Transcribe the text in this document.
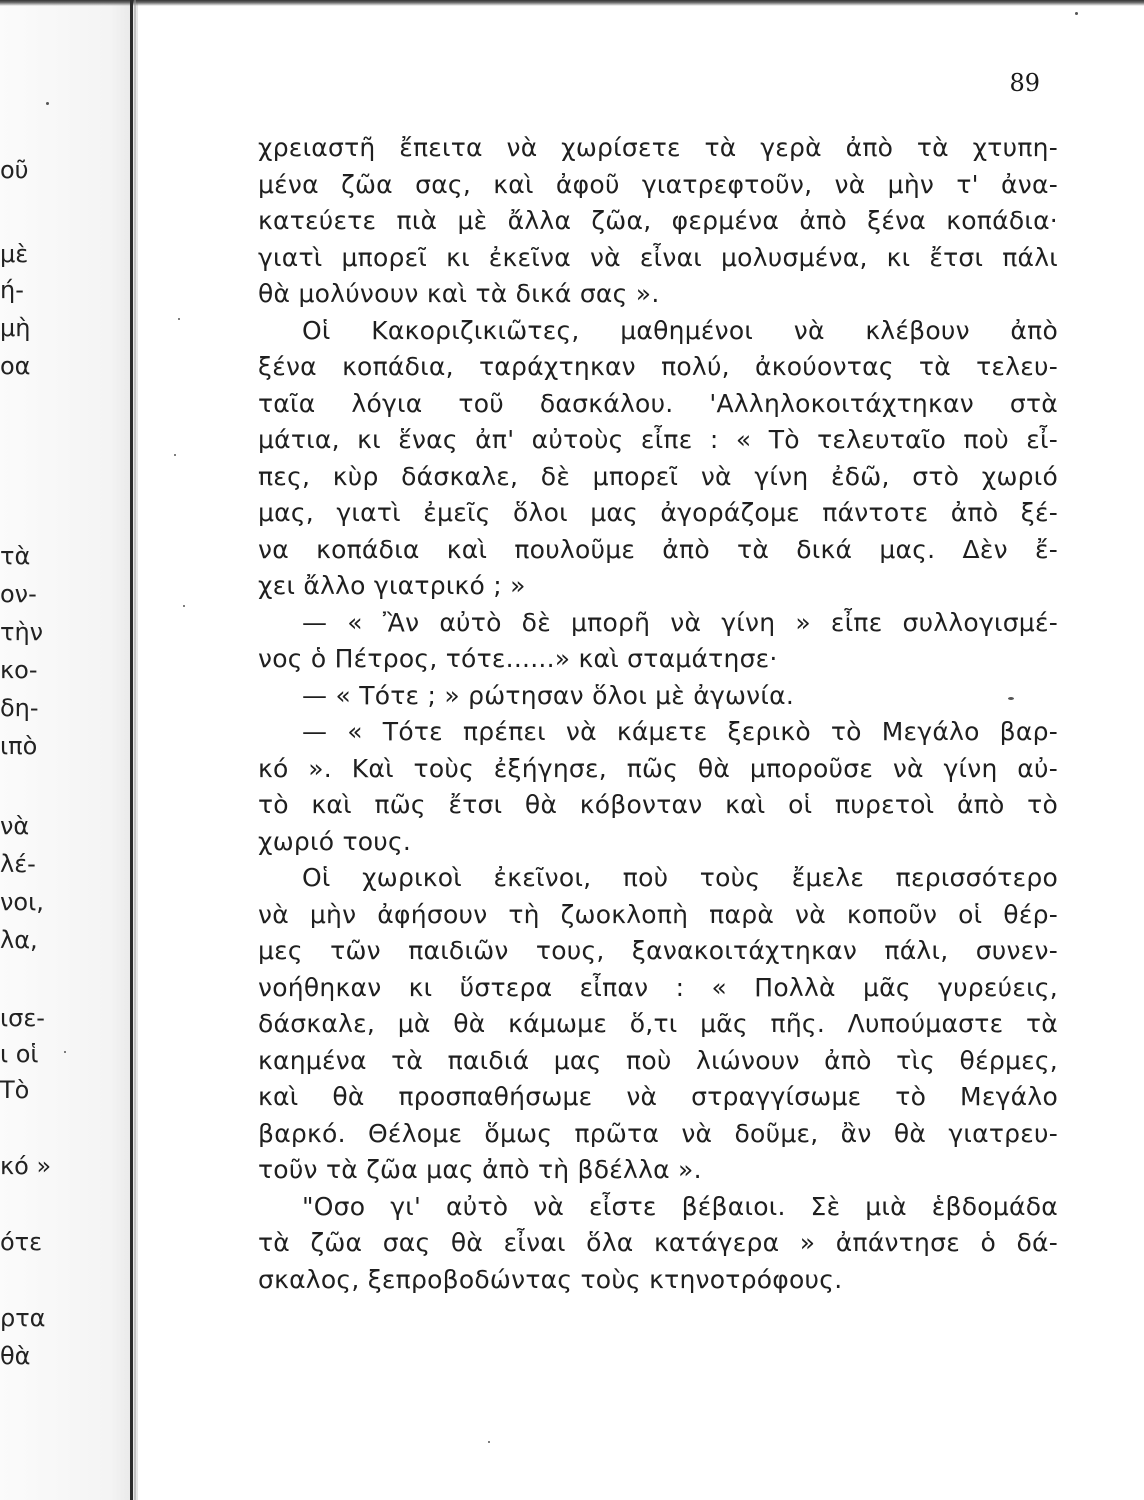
οῦ
μὲ
ή-
μὴ
οα
τὰ
ον-
τὴν
κο-
δη-
ιπὸ
νὰ
λέ-
νοι,
λα,
ισε-
ι οἱ
Τὸ
κό »
ότε
ρτα
θὰ
89
χρειαστῆ ἔπειτα νὰ χωρίσετε τὰ γερὰ ἀπὸ τὰ χτυπη-
μένα ζῶα σας, καὶ ἀφοῦ γιατρεφτοῦν, νὰ μὴν τ' ἀνα-
κατεύετε πιὰ μὲ ἄλλα ζῶα, φερμένα ἀπὸ ξένα κοπάδια·
γιατὶ μπορεῖ κι ἐκεῖνα νὰ εἶναι μολυσμένα, κι ἔτσι πάλι
θὰ μολύνουν καὶ τὰ δικά σας ».
Οἱ Κακοριζικιῶτες, μαθημένοι νὰ κλέβουν ἀπὸ
ξένα κοπάδια, ταράχτηκαν πολύ, ἀκούοντας τὰ τελευ-
ταῖα λόγια τοῦ δασκάλου. 'Αλληλοκοιτάχτηκαν στὰ
μάτια, κι ἕνας ἀπ' αὐτοὺς εἶπε : « Τὸ τελευταῖο ποὺ εἶ-
πες, κὺρ δάσκαλε, δὲ μπορεῖ νὰ γίνη ἐδῶ, στὸ χωριό
μας, γιατὶ ἐμεῖς ὅλοι μας ἀγοράζομε πάντοτε ἀπὸ ξέ-
να κοπάδια καὶ πουλοῦμε ἀπὸ τὰ δικά μας. Δὲν ἔ-
χει ἄλλο γιατρικό ; »
— « Ἂν αὐτὸ δὲ μπορῆ νὰ γίνη » εἶπε συλλογισμέ-
νος ὁ Πέτρος, τότε......» καὶ σταμάτησε·
— « Τότε ; » ρώτησαν ὅλοι μὲ ἀγωνία.
— « Τότε πρέπει νὰ κάμετε ξερικὸ τὸ Μεγάλο βαρ-
κό ». Καὶ τοὺς ἐξήγησε, πῶς θὰ μποροῦσε νὰ γίνη αὐ-
τὸ καὶ πῶς ἔτσι θὰ κόβονταν καὶ οἱ πυρετοὶ ἀπὸ τὸ
χωριό τους.
Οἱ χωρικοὶ ἐκεῖνοι, ποὺ τοὺς ἔμελε περισσότερο
νὰ μὴν ἀφήσουν τὴ ζωοκλοπὴ παρὰ νὰ κοποῦν οἱ θέρ-
μες τῶν παιδιῶν τους, ξανακοιτάχτηκαν πάλι, συνεν-
νοήθηκαν κι ὕστερα εἶπαν : « Πολλὰ μᾶς γυρεύεις,
δάσκαλε, μὰ θὰ κάμωμε ὅ,τι μᾶς πῆς. Λυπούμαστε τὰ
καημένα τὰ παιδιά μας ποὺ λιώνουν ἀπὸ τὶς θέρμες,
καὶ θὰ προσπαθήσωμε νὰ στραγγίσωμε τὸ Μεγάλο
βαρκό. Θέλομε ὅμως πρῶτα νὰ δοῦμε, ἂν θὰ γιατρευ-
τοῦν τὰ ζῶα μας ἀπὸ τὴ βδέλλα ».
"Οσο γι' αὐτὸ νὰ εἶστε βέβαιοι. Σὲ μιὰ ἑβδομάδα
τὰ ζῶα σας θὰ εἶναι ὅλα κατάγερα » ἀπάντησε ὁ δά-
σκαλος, ξεπροβοδώντας τοὺς κτηνοτρόφους.
